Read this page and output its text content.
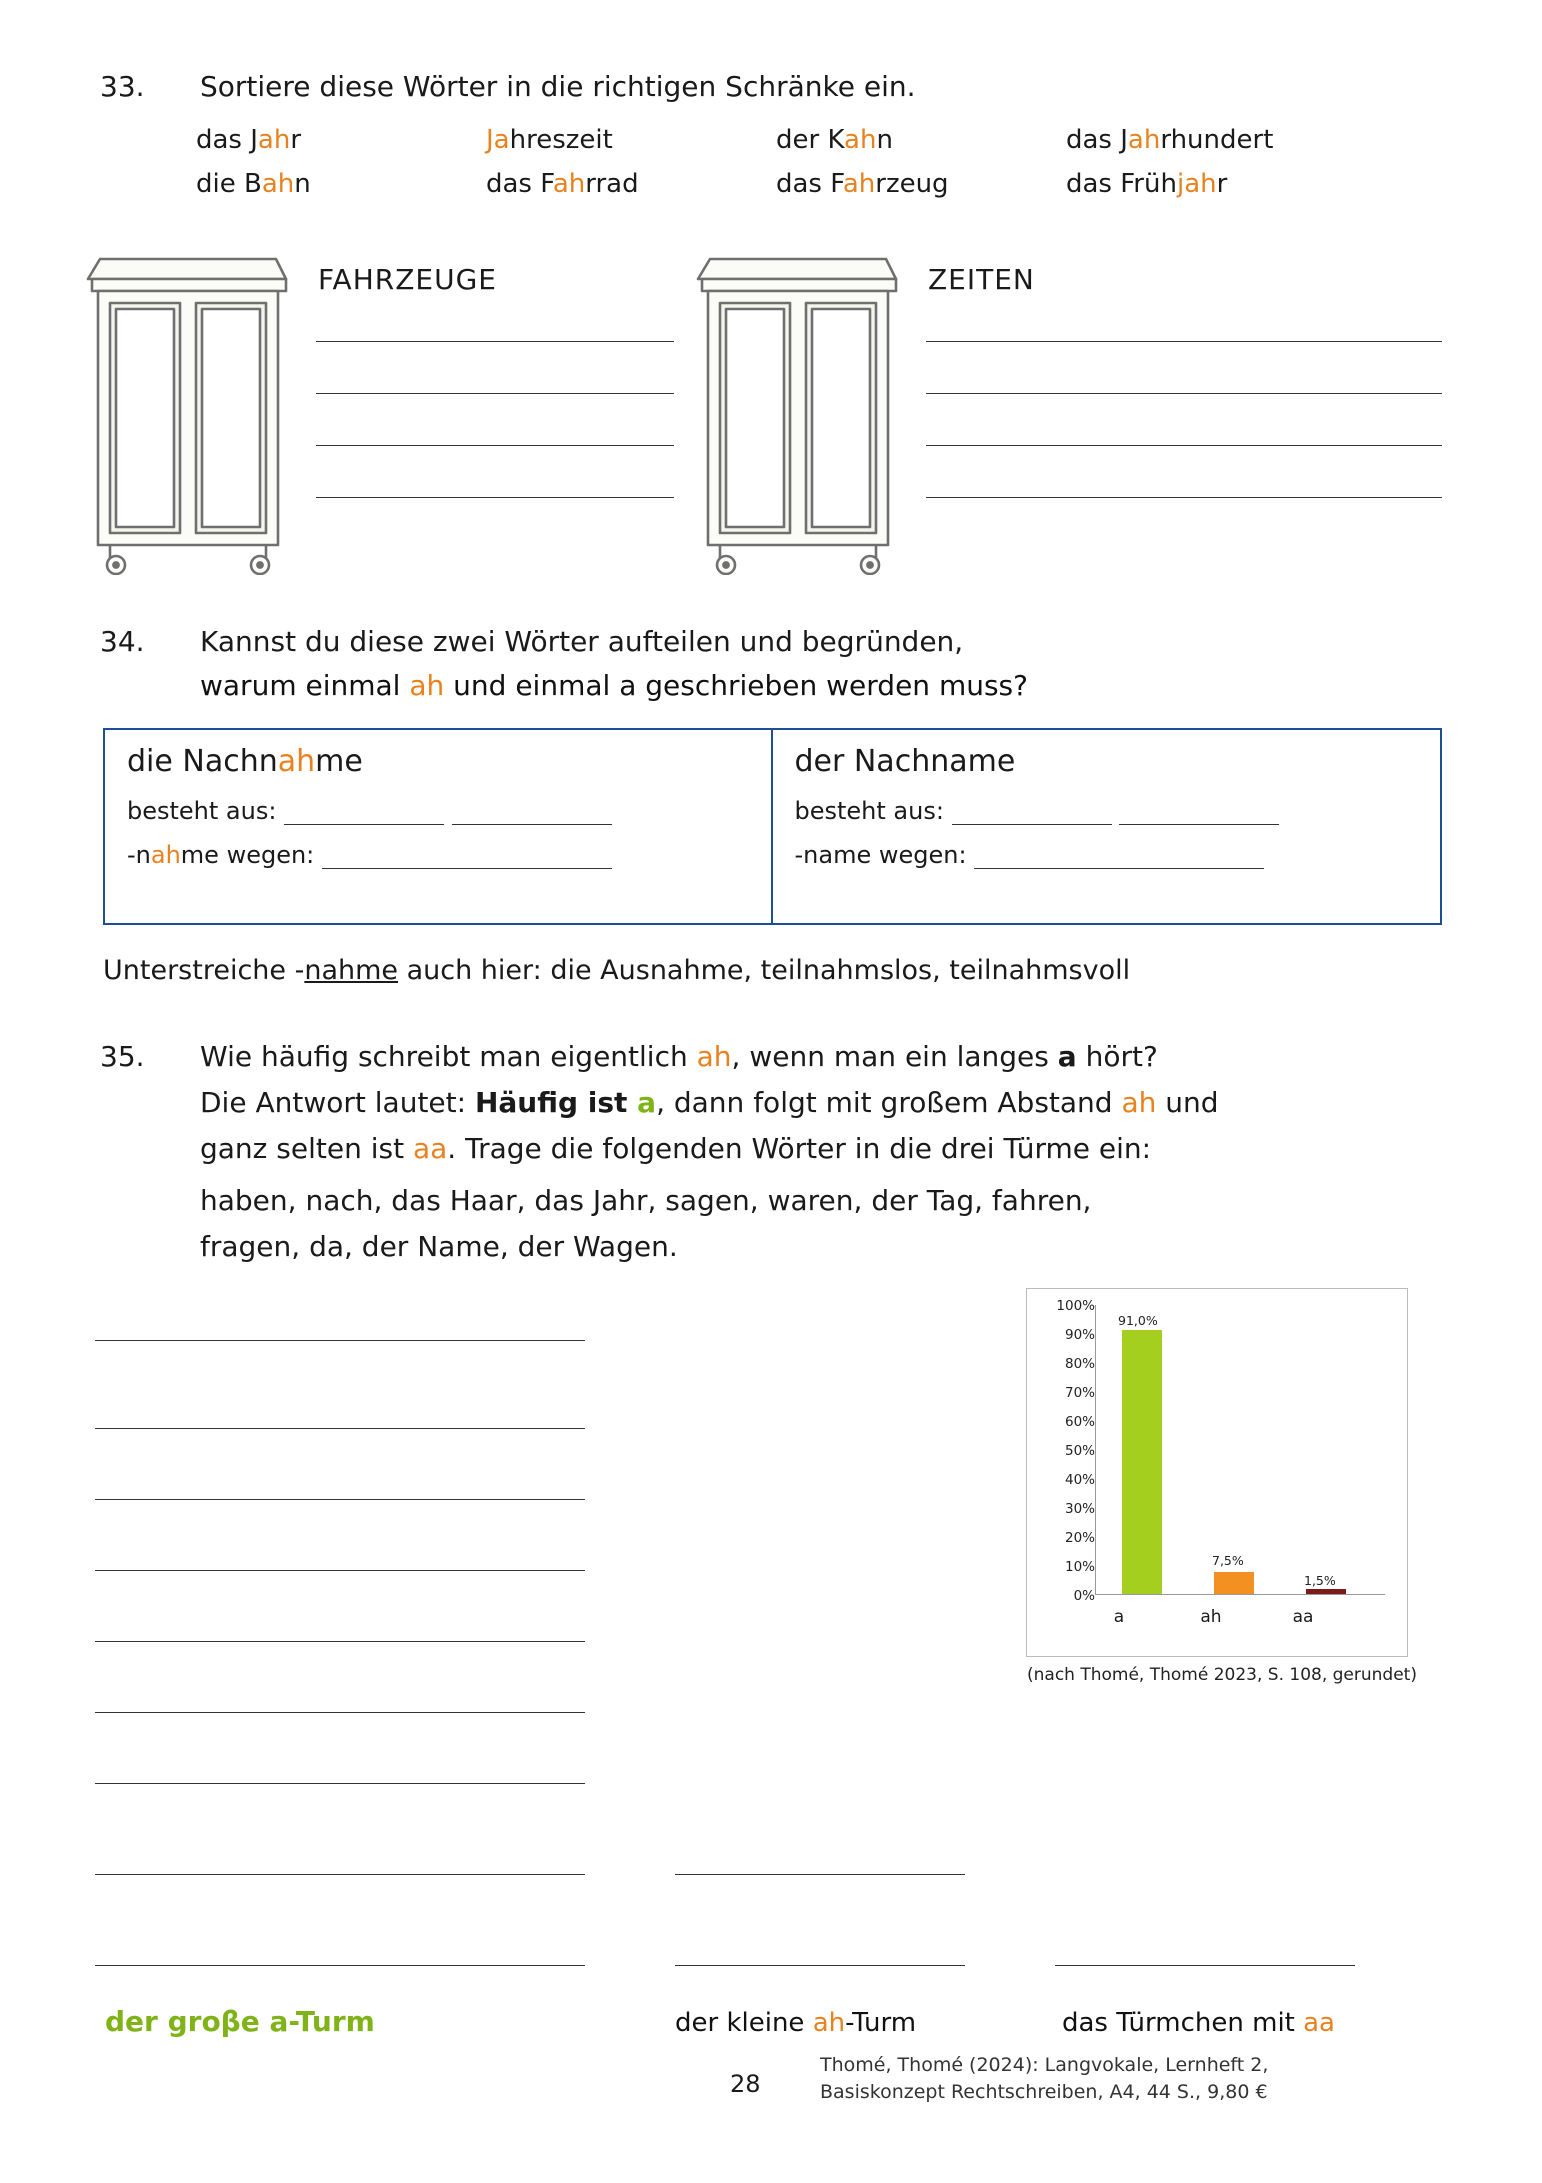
33. Sortiere diese Wörter in die richtigen Schränke ein.
das Jahr	Jahreszeit	der Kahn	das Jahrhundert
die Bahn	das Fahrrad	das Fahrzeug	das Frühjahr
FAHRZEUGE	ZEITEN
34. Kannst du diese zwei Wörter aufteilen und begründen,
warum einmal ah und einmal a geschrieben werden muss?
die Nachnahme
besteht aus:
-nahme wegen:
der Nachname
besteht aus:
-name wegen:
Unterstreiche -nahme auch hier: die Ausnahme, teilnahmslos, teilnahmsvoll
35. Wie häufig schreibt man eigentlich ah, wenn man ein langes a hört?
Die Antwort lautet: Häufig ist a, dann folgt mit großem Abstand ah und
ganz selten ist aa. Trage die folgenden Wörter in die drei Türme ein:
haben, nach, das Haar, das Jahr, sagen, waren, der Tag, fahren,
fragen, da, der Name, der Wagen.
der groβe a-Turm	der kleine ah-Turm	das Türmchen mit aa
100%
90%
80%
70%
60%
50%
40%
30%
20%
10%
0%
91,0%
7,5%
1,5%
a	ah	aa
(nach Thomé, Thomé 2023, S. 108, gerundet)
28
Thomé, Thomé (2024): Langvokale, Lernheft 2,
Basiskonzept Rechtschreiben, A4, 44 S., 9,80 €
